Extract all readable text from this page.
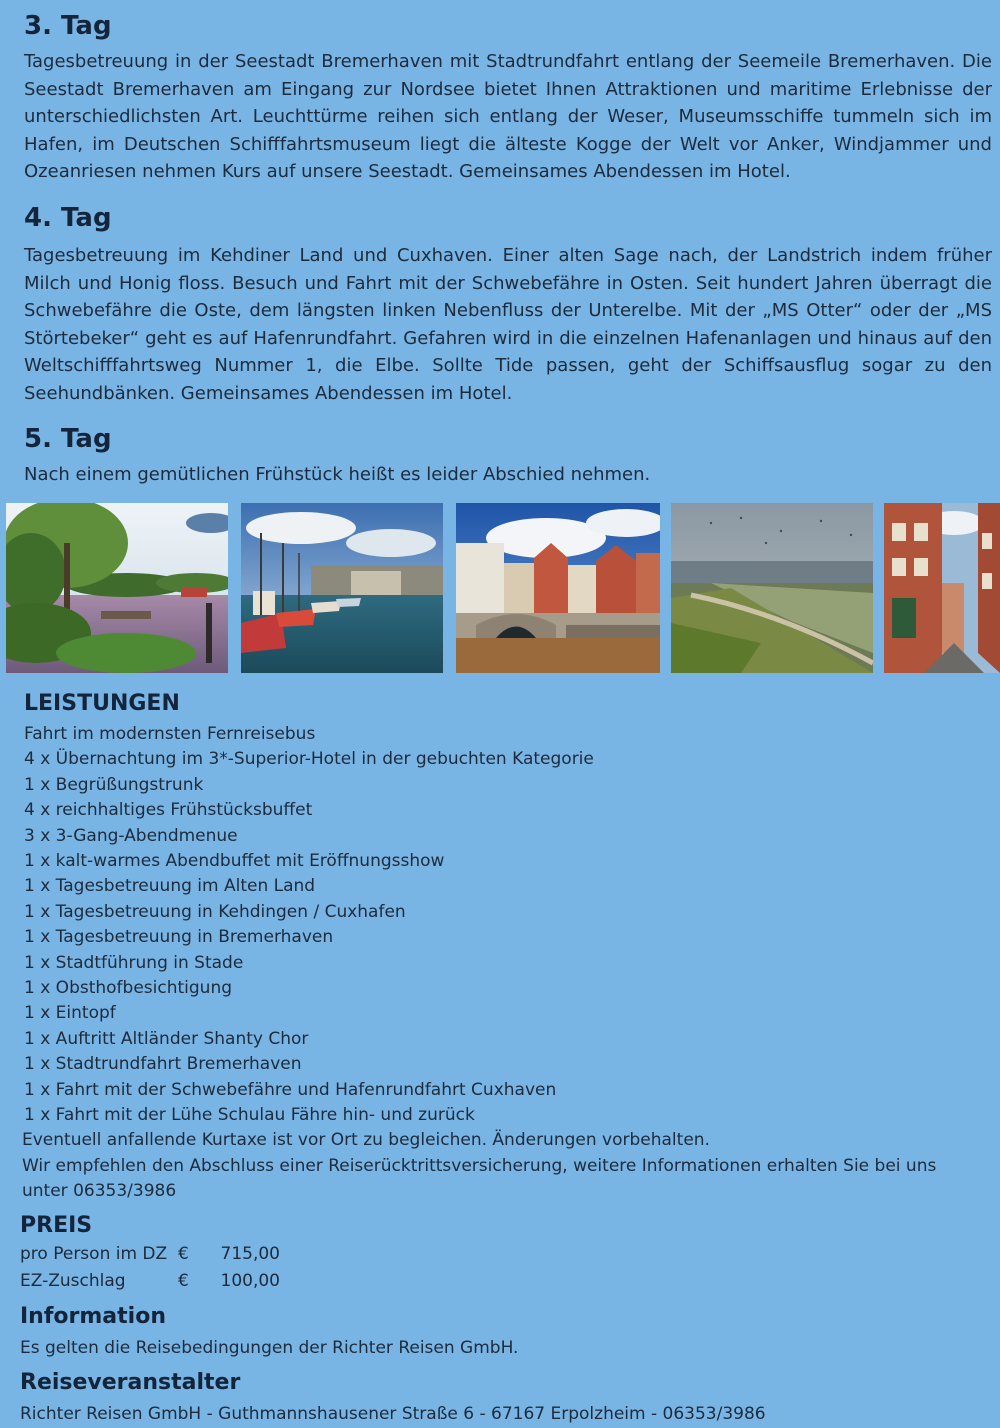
3. Tag

Tagesbetreuung in der Seestadt Bremerhaven mit Stadtrundfahrt entlang der Seemeile Bremerhaven. Die Seestadt Bremerhaven am Eingang zur Nordsee bietet Ihnen Attraktionen und maritime Erlebnisse der unterschiedlichsten Art. Leuchttürme reihen sich entlang der Weser, Museumsschiffe tummeln sich im Hafen, im Deutschen Schifffahrtsmuseum liegt die älteste Kogge der Welt vor Anker, Windjammer und Ozeanriesen nehmen Kurs auf unsere Seestadt. Gemeinsames Abendessen im Hotel.

4. Tag

Tagesbetreuung im Kehdiner Land und Cuxhaven. Einer alten Sage nach, der Landstrich indem früher Milch und Honig floss. Besuch und Fahrt mit der Schwebefähre in Osten. Seit hundert Jahren überragt die Schwebefähre die Oste, dem längsten linken Nebenfluss der Unterelbe. Mit der „MS Otter“ oder der „MS Störtebeker“ geht es auf Hafenrundfahrt. Gefahren wird in die einzelnen Hafenanlagen und hinaus auf den Weltschifffahrtsweg Nummer 1, die Elbe. Sollte Tide passen, geht der Schiffsausflug sogar zu den Seehundbänken. Gemeinsames Abendessen im Hotel.

5. Tag

Nach einem gemütlichen Frühstück heißt es leider Abschied nehmen.

LEISTUNGEN
Fahrt im modernsten Fernreisebus
4 x Übernachtung im 3*-Superior-Hotel in der gebuchten Kategorie
1 x Begrüßungstrunk
4 x reichhaltiges Frühstücksbuffet
3 x 3-Gang-Abendmenue
1 x kalt-warmes Abendbuffet mit Eröffnungsshow
1 x Tagesbetreuung im Alten Land
1 x Tagesbetreuung in Kehdingen / Cuxhafen
1 x Tagesbetreuung in Bremerhaven
1 x Stadtführung in Stade
1 x Obsthofbesichtigung
1 x Eintopf
1 x Auftritt Altländer Shanty Chor
1 x Stadtrundfahrt Bremerhaven
1 x Fahrt mit der Schwebefähre und Hafenrundfahrt Cuxhaven
1 x Fahrt mit der Lühe Schulau Fähre hin- und zurück

Eventuell anfallende Kurtaxe ist vor Ort zu begleichen. Änderungen vorbehalten.

Wir empfehlen den Abschluss einer Reiserücktrittsversicherung, weitere Informationen erhalten Sie bei uns unter 06353/3986

PREIS
pro Person im DZ €	715,00
EZ-Zuschlag	€	100,00
Information

Es gelten die Reisebedingungen der Richter Reisen GmbH.

Reiseveranstalter

Richter Reisen GmbH - Guthmannshausener Straße 6 - 67167 Erpolzheim - 06353/3986
